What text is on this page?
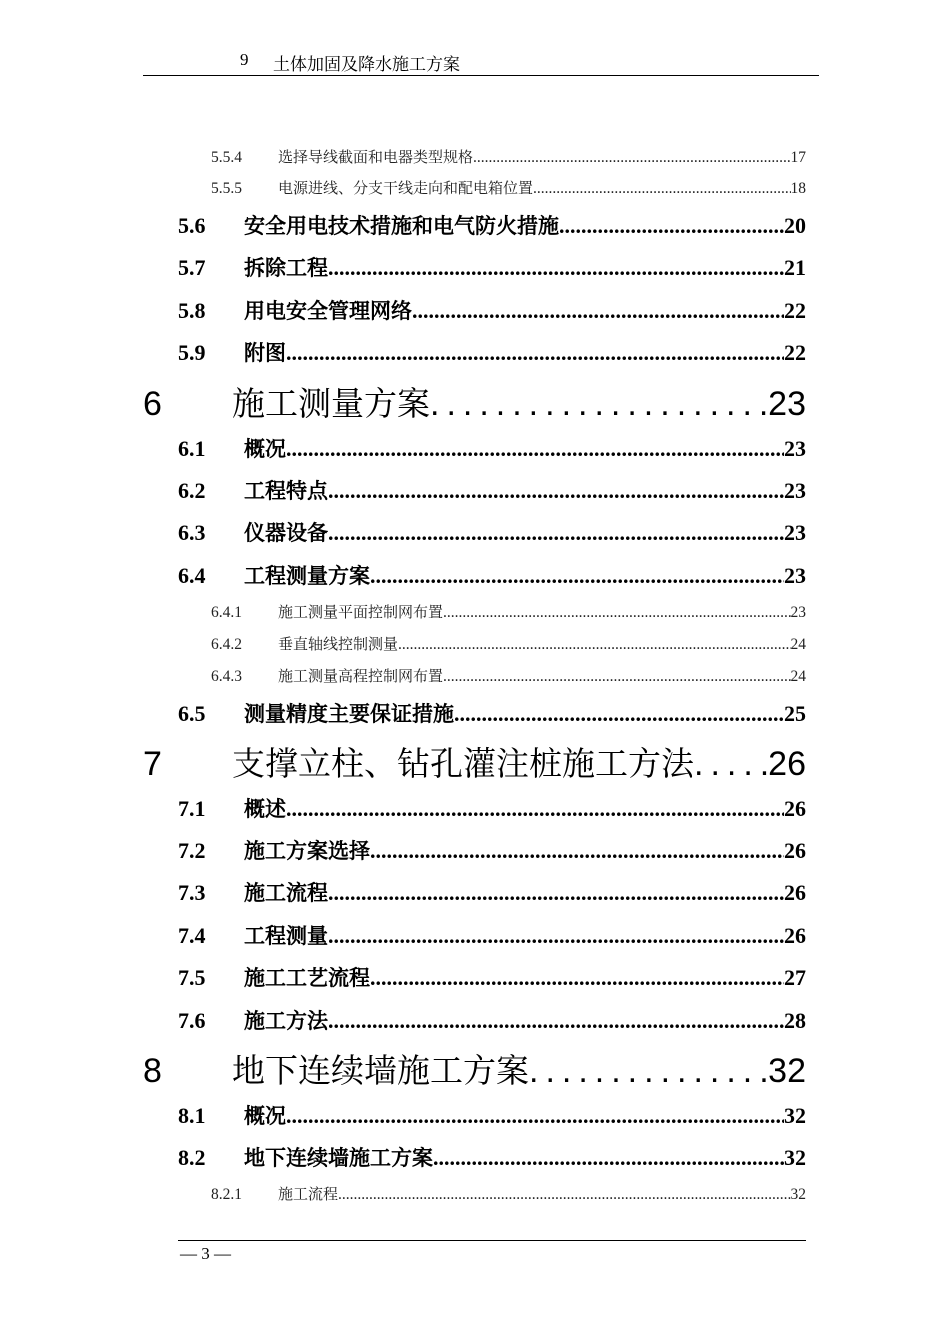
9 土体加固及降水施工方案
5.5.4	选择导线截面和电器类型规格 .....	17
5.5.5	电源进线、分支干线走向和配电箱位置 .....	18
5.6	安全用电技术措施和电气防火措施 .....	20
5.7	拆除工程 .....	21
5.8	用电安全管理网络 .....	22
5.9	附图 .....	22
6	施工测量方案 .....	23
6.1	概况 .....	23
6.2	工程特点 .....	23
6.3	仪器设备 .....	23
6.4	工程测量方案 .....	23
6.4.1	施工测量平面控制网布置 .....	23
6.4.2	垂直轴线控制测量 .....	24
6.4.3	施工测量高程控制网布置 .....	24
6.5	测量精度主要保证措施 .....	25
7	支撑立柱、钻孔灌注桩施工方法 ..... 26
7.1	概述 .....	26
7.2	施工方案选择 .....	26
7.3	施工流程 .....	26
7.4	工程测量 .....	26
7.5	施工工艺流程 .....	27
7.6	施工方法 .....	28
8	地下连续墙施工方案 .....	32
8.1	概况 .....	32
8.2	地下连续墙施工方案 .....	32
8.2.1	施工流程 .....	32
— 3 —
